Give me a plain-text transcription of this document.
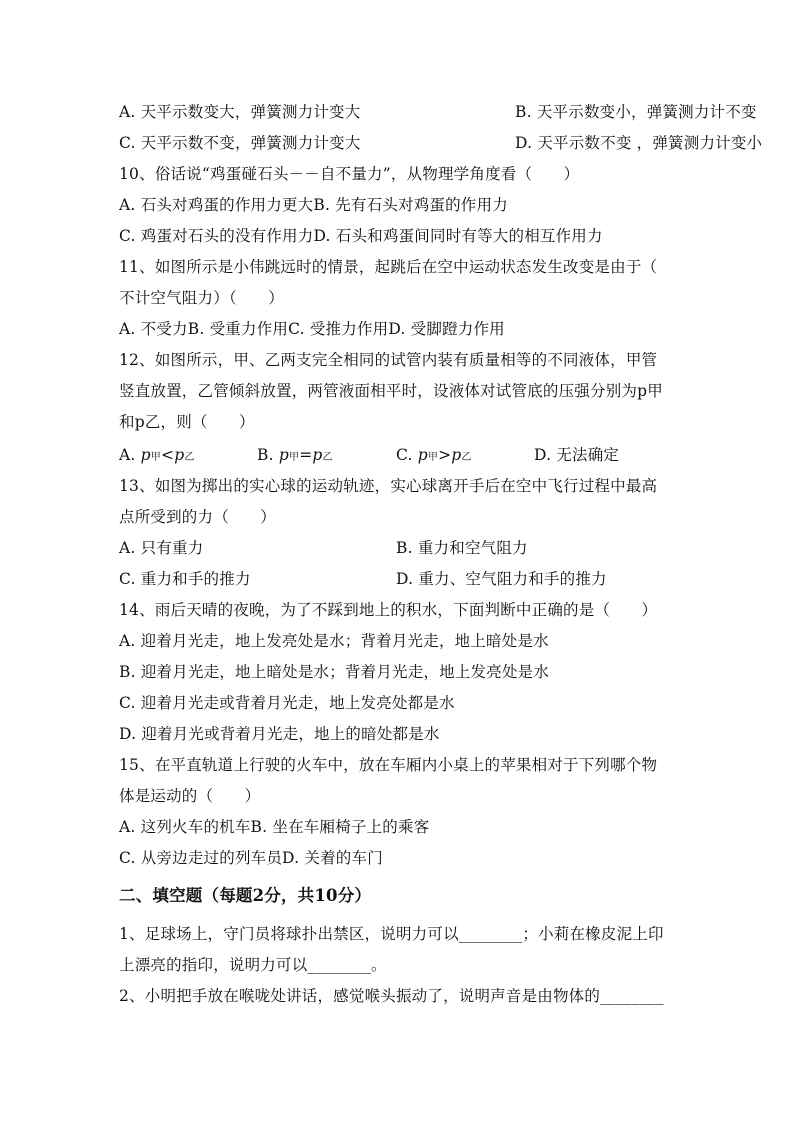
A. 天平示数变大，弹簧测力计变大	B. 天平示数变小，弹簧测力计不变
C. 天平示数不变，弹簧测力计变大	D. 天平示数不变 ，弹簧测力计变小
10、俗话说“鸡蛋碰石头－－自不量力”，从物理学角度看（　　）
A. 石头对鸡蛋的作用力更大B. 先有石头对鸡蛋的作用力
C. 鸡蛋对石头的没有作用力D. 石头和鸡蛋间同时有等大的相互作用力
11、如图所示是小伟跳远时的情景，起跳后在空中运动状态发生改变是由于（
不计空气阻力）（　　）
A. 不受力B. 受重力作用C. 受推力作用D. 受脚蹬力作用
12、如图所示，甲、乙两支完全相同的试管内装有质量相等的不同液体，甲管
竖直放置，乙管倾斜放置，两管液面相平时，设液体对试管底的压强分别为p甲
和p乙，则（　　）
A. p甲<p乙	B. p甲=p乙	C. p甲>p乙	D. 无法确定
13、如图为掷出的实心球的运动轨迹，实心球离开手后在空中飞行过程中最高
点所受到的力（　　）
A. 只有重力	B. 重力和空气阻力
C. 重力和手的推力	D. 重力、空气阻力和手的推力
14、雨后天晴的夜晚，为了不踩到地上的积水，下面判断中正确的是（　　）
A. 迎着月光走，地上发亮处是水；背着月光走，地上暗处是水
B. 迎着月光走，地上暗处是水；背着月光走，地上发亮处是水
C. 迎着月光走或背着月光走，地上发亮处都是水
D. 迎着月光或背着月光走，地上的暗处都是水
15、在平直轨道上行驶的火车中，放在车厢内小桌上的苹果相对于下列哪个物
体是运动的（　　）
A. 这列火车的机车B. 坐在车厢椅子上的乘客
C. 从旁边走过的列车员D. 关着的车门
二、填空题（每题2分，共10分）
1、足球场上，守门员将球扑出禁区，说明力可以________；小莉在橡皮泥上印
上漂亮的指印，说明力可以________。
2、小明把手放在喉咙处讲话，感觉喉头振动了，说明声音是由物体的________
